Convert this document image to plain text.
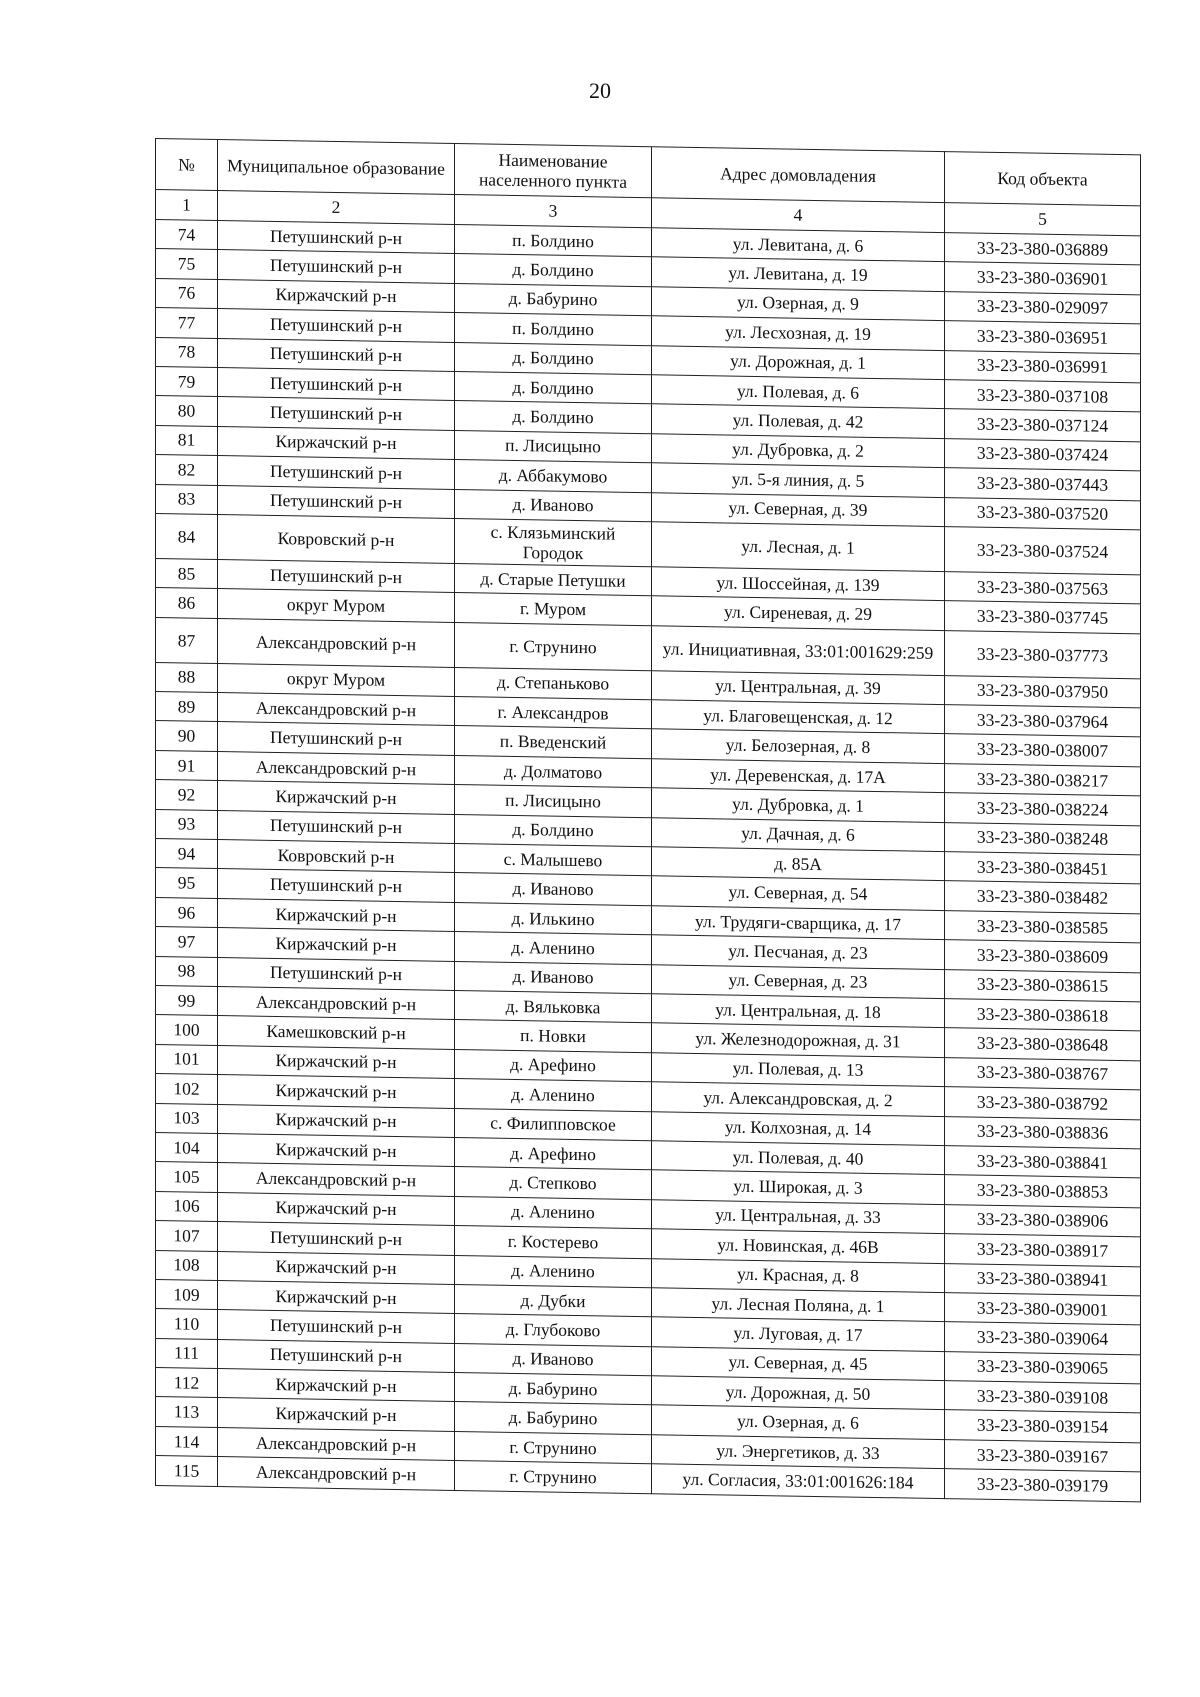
20
№	Муниципальное образование	Наименование населенного пункта	Адрес домовладения	Код объекта
1	2	3	4	5
74	Петушинский р-н	п. Болдино	ул. Левитана, д. 6	33-23-380-036889
75	Петушинский р-н	д. Болдино	ул. Левитана, д. 19	33-23-380-036901
76	Киржачский р-н	д. Бабурино	ул. Озерная, д. 9	33-23-380-029097
77	Петушинский р-н	п. Болдино	ул. Лесхозная, д. 19	33-23-380-036951
78	Петушинский р-н	д. Болдино	ул. Дорожная, д. 1	33-23-380-036991
79	Петушинский р-н	д. Болдино	ул. Полевая, д. 6	33-23-380-037108
80	Петушинский р-н	д. Болдино	ул. Полевая, д. 42	33-23-380-037124
81	Киржачский р-н	п. Лисицыно	ул. Дубровка, д. 2	33-23-380-037424
82	Петушинский р-н	д. Аббакумово	ул. 5-я линия, д. 5	33-23-380-037443
83	Петушинский р-н	д. Иваново	ул. Северная, д. 39	33-23-380-037520
84	Ковровский р-н	с. Клязьминский Городок	ул. Лесная, д. 1	33-23-380-037524
85	Петушинский р-н	д. Старые Петушки	ул. Шоссейная, д. 139	33-23-380-037563
86	округ Муром	г. Муром	ул. Сиреневая, д. 29	33-23-380-037745
87	Александровский р-н	г. Струнино	ул. Инициативная, 33:01:001629:259	33-23-380-037773
88	округ Муром	д. Степаньково	ул. Центральная, д. 39	33-23-380-037950
89	Александровский р-н	г. Александров	ул. Благовещенская, д. 12	33-23-380-037964
90	Петушинский р-н	п. Введенский	ул. Белозерная, д. 8	33-23-380-038007
91	Александровский р-н	д. Долматово	ул. Деревенская, д. 17А	33-23-380-038217
92	Киржачский р-н	п. Лисицыно	ул. Дубровка, д. 1	33-23-380-038224
93	Петушинский р-н	д. Болдино	ул. Дачная, д. 6	33-23-380-038248
94	Ковровский р-н	с. Малышево	д. 85А	33-23-380-038451
95	Петушинский р-н	д. Иваново	ул. Северная, д. 54	33-23-380-038482
96	Киржачский р-н	д. Илькино	ул. Трудяги-сварщика, д. 17	33-23-380-038585
97	Киржачский р-н	д. Аленино	ул. Песчаная, д. 23	33-23-380-038609
98	Петушинский р-н	д. Иваново	ул. Северная, д. 23	33-23-380-038615
99	Александровский р-н	д. Вяльковка	ул. Центральная, д. 18	33-23-380-038618
100	Камешковский р-н	п. Новки	ул. Железнодорожная, д. 31	33-23-380-038648
101	Киржачский р-н	д. Арефино	ул. Полевая, д. 13	33-23-380-038767
102	Киржачский р-н	д. Аленино	ул. Александровская, д. 2	33-23-380-038792
103	Киржачский р-н	с. Филипповское	ул. Колхозная, д. 14	33-23-380-038836
104	Киржачский р-н	д. Арефино	ул. Полевая, д. 40	33-23-380-038841
105	Александровский р-н	д. Степково	ул. Широкая, д. 3	33-23-380-038853
106	Киржачский р-н	д. Аленино	ул. Центральная, д. 33	33-23-380-038906
107	Петушинский р-н	г. Костерево	ул. Новинская, д. 46В	33-23-380-038917
108	Киржачский р-н	д. Аленино	ул. Красная, д. 8	33-23-380-038941
109	Киржачский р-н	д. Дубки	ул. Лесная Поляна, д. 1	33-23-380-039001
110	Петушинский р-н	д. Глубоково	ул. Луговая, д. 17	33-23-380-039064
111	Петушинский р-н	д. Иваново	ул. Северная, д. 45	33-23-380-039065
112	Киржачский р-н	д. Бабурино	ул. Дорожная, д. 50	33-23-380-039108
113	Киржачский р-н	д. Бабурино	ул. Озерная, д. 6	33-23-380-039154
114	Александровский р-н	г. Струнино	ул. Энергетиков, д. 33	33-23-380-039167
115	Александровский р-н	г. Струнино	ул. Согласия, 33:01:001626:184	33-23-380-039179
